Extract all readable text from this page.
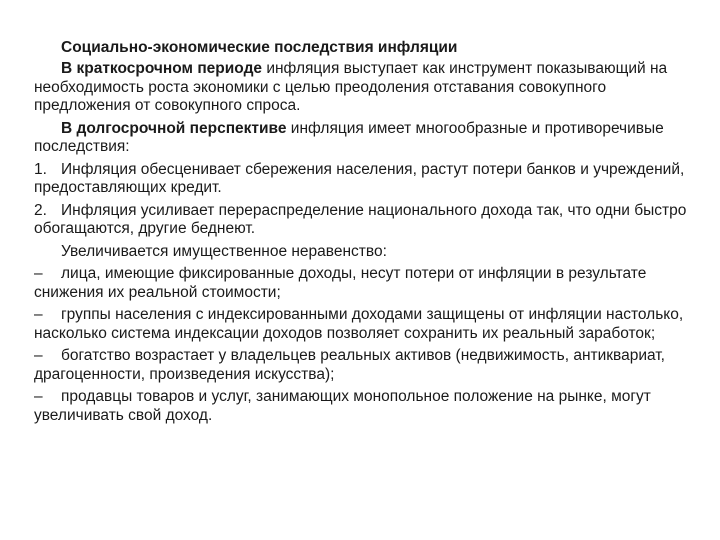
Социально-экономические последствия инфляции

В краткосрочном периоде инфляция выступает как инструмент показывающий на необходимость роста экономики с целью преодоления отставания совокупного предложения от совокупного спроса.

В долгосрочной перспективе инфляция имеет многообразные и противоречивые последствия:

1. Инфляция обесценивает сбережения населения, растут потери банков и учреждений, предоставляющих кредит.

2. Инфляция усиливает перераспределение национального дохода так, что одни быстро обогащаются, другие беднеют.

Увеличивается имущественное неравенство:

– лица, имеющие фиксированные доходы, несут потери от инфляции в результате снижения их реальной стоимости;

– группы населения с индексированными доходами защищены от инфляции настолько, насколько система индексации доходов позволяет сохранить их реальный заработок;

– богатство возрастает у владельцев реальных активов (недвижимость, антиквариат, драгоценности, произведения искусства);

– продавцы товаров и услуг, занимающих монопольное положение на рынке, могут увеличивать свой доход.
